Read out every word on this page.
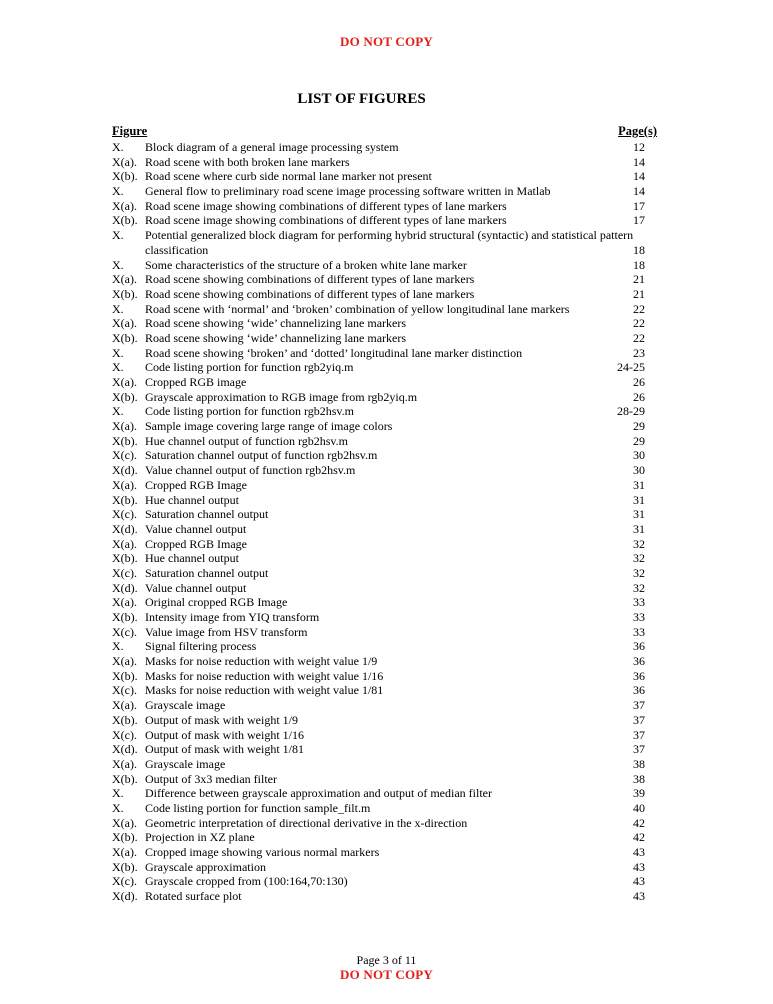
DO NOT COPY
LIST OF FIGURES
Figure	Page(s)
X. Block diagram of a general image processing system	12
X(a). Road scene with both broken lane markers	14
X(b). Road scene where curb side normal lane marker not present	14
X. General flow to preliminary road scene image processing software written in Matlab	14
X(a). Road scene image showing combinations of different types of lane markers	17
X(b). Road scene image showing combinations of different types of lane markers	17
X. Potential generalized block diagram for performing hybrid structural (syntactic) and statistical pattern classification	18
X. Some characteristics of the structure of a broken white lane marker	18
X(a). Road scene showing combinations of different types of lane markers	21
X(b). Road scene showing combinations of different types of lane markers	21
X. Road scene with ‘normal’ and ‘broken’ combination of yellow longitudinal lane markers	22
X(a). Road scene showing ‘wide’ channelizing lane markers	22
X(b). Road scene showing ‘wide’ channelizing lane markers	22
X. Road scene showing ‘broken’ and ‘dotted’ longitudinal lane marker distinction	23
X. Code listing portion for function rgb2yiq.m	24-25
X(a). Cropped RGB image	26
X(b). Grayscale approximation to RGB image from rgb2yiq.m	26
X. Code listing portion for function rgb2hsv.m	28-29
X(a). Sample image covering large range of image colors	29
X(b). Hue channel output of function rgb2hsv.m	29
X(c). Saturation channel output of function rgb2hsv.m	30
X(d). Value channel output of function rgb2hsv.m	30
X(a). Cropped RGB Image	31
X(b). Hue channel output	31
X(c). Saturation channel output	31
X(d). Value channel output	31
X(a). Cropped RGB Image	32
X(b). Hue channel output	32
X(c). Saturation channel output	32
X(d). Value channel output	32
X(a). Original cropped RGB Image	33
X(b). Intensity image from YIQ transform	33
X(c). Value image from HSV transform	33
X. Signal filtering process	36
X(a). Masks for noise reduction with weight value 1/9	36
X(b). Masks for noise reduction with weight value 1/16	36
X(c). Masks for noise reduction with weight value 1/81	36
X(a). Grayscale image	37
X(b). Output of mask with weight 1/9	37
X(c). Output of mask with weight 1/16	37
X(d). Output of mask with weight 1/81	37
X(a). Grayscale image	38
X(b). Output of 3x3 median filter	38
X. Difference between grayscale approximation and output of median filter	39
X. Code listing portion for function sample_filt.m	40
X(a). Geometric interpretation of directional derivative in the x-direction	42
X(b). Projection in XZ plane	42
X(a). Cropped image showing various normal markers	43
X(b). Grayscale approximation	43
X(c). Grayscale cropped from (100:164,70:130)	43
X(d). Rotated surface plot	43
Page 3 of 11
DO NOT COPY
